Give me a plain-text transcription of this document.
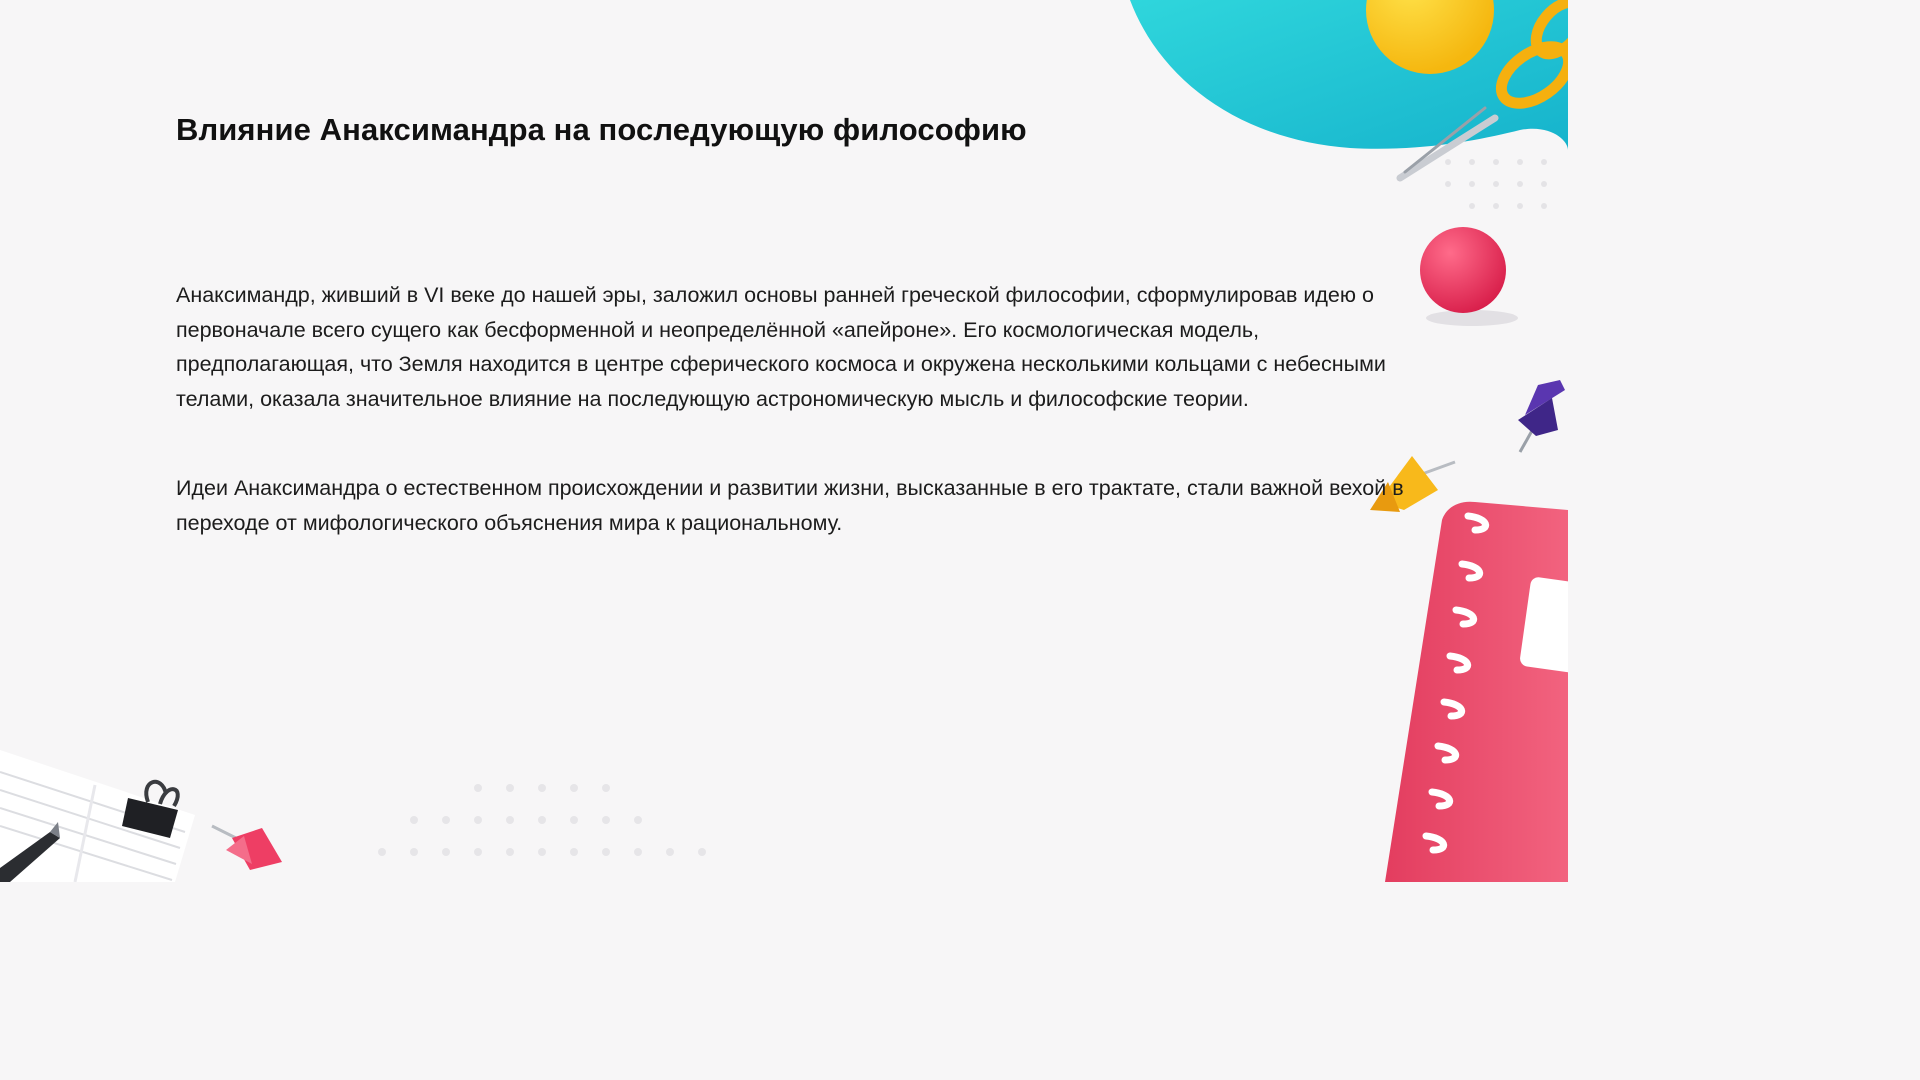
Влияние Анаксимандра на последующую философию

Анаксимандр, живший в VI веке до нашей эры, заложил основы ранней греческой философии, сформулировав идею о первоначале всего сущего как бесформенной и неопределённой «апейроне». Его космологическая модель, предполагающая, что Земля находится в центре сферического космоса и окружена несколькими кольцами с небесными телами, оказала значительное влияние на последующую астрономическую мысль и философские теории.

Идеи Анаксимандра о естественном происхождении и развитии жизни, высказанные в его трактате, стали важной вехой в переходе от мифологического объяснения мира к рациональному.
